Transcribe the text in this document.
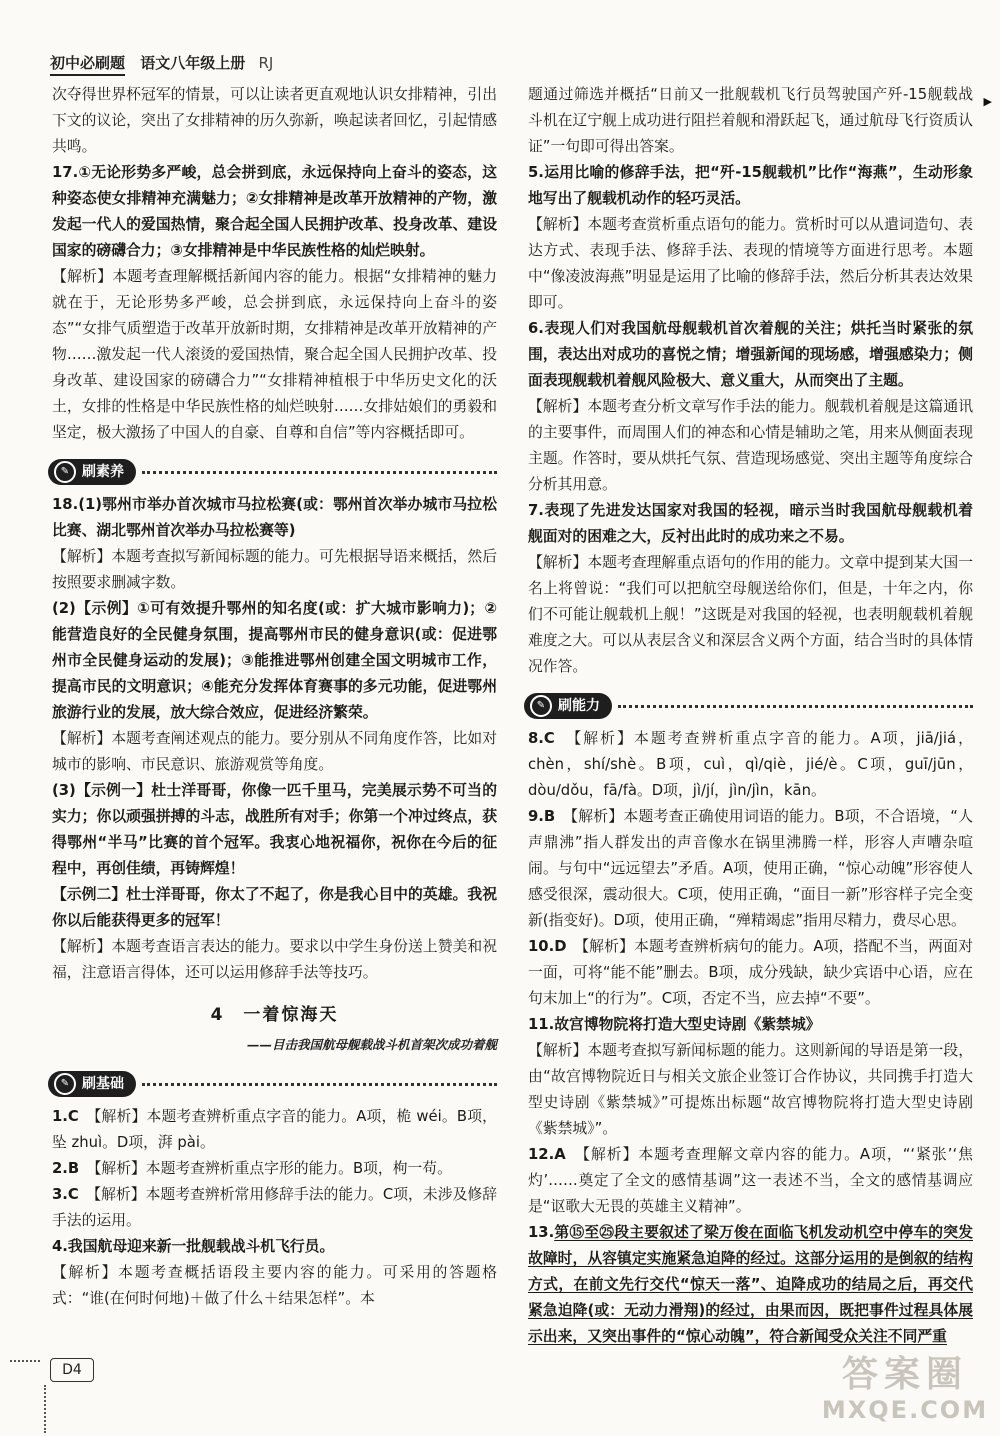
初中必刷题 语文八年级上册 RJ
▶

次夺得世界杯冠军的情景，可以让读者更直观地认识女排精神，引出下文的议论，突出了女排精神的历久弥新，唤起读者回忆，引起情感共鸣。

17.①无论形势多严峻，总会拼到底，永远保持向上奋斗的姿态，这种姿态使女排精神充满魅力；②女排精神是改革开放精神的产物，激发起一代人的爱国热情，聚合起全国人民拥护改革、投身改革、建设国家的磅礴合力；③女排精神是中华民族性格的灿烂映射。

【解析】本题考查理解概括新闻内容的能力。根据“女排精神的魅力就在于，无论形势多严峻，总会拼到底，永远保持向上奋斗的姿态”“女排气质塑造于改革开放新时期，女排精神是改革开放精神的产物……激发起一代人滚烫的爱国热情，聚合起全国人民拥护改革、投身改革、建设国家的磅礴合力”“女排精神植根于中华历史文化的沃土，女排的性格是中华民族性格的灿烂映射……女排姑娘们的勇毅和坚定，极大激扬了中国人的自豪、自尊和自信”等内容概括即可。

✎ 刷素养

18.(1)鄂州市举办首次城市马拉松赛(或：鄂州首次举办城市马拉松比赛、湖北鄂州首次举办马拉松赛等)

【解析】本题考查拟写新闻标题的能力。可先根据导语来概括，然后按照要求删减字数。

(2)【示例】①可有效提升鄂州的知名度(或：扩大城市影响力)；②能营造良好的全民健身氛围，提高鄂州市民的健身意识(或：促进鄂州市全民健身运动的发展)；③能推进鄂州创建全国文明城市工作，提高市民的文明意识；④能充分发挥体育赛事的多元功能，促进鄂州旅游行业的发展，放大综合效应，促进经济繁荣。

【解析】本题考查阐述观点的能力。要分别从不同角度作答，比如对城市的影响、市民意识、旅游观赏等角度。

(3)【示例一】杜士洋哥哥，你像一匹千里马，完美展示势不可当的实力；你以顽强拼搏的斗志，战胜所有对手；你第一个冲过终点，获得鄂州“半马”比赛的首个冠军。我衷心地祝福你，祝你在今后的征程中，再创佳绩，再铸辉煌！

【示例二】杜士洋哥哥，你太了不起了，你是我心目中的英雄。我祝你以后能获得更多的冠军！

【解析】本题考查语言表达的能力。要求以中学生身份送上赞美和祝福，注意语言得体，还可以运用修辞手法等技巧。

4　一着惊海天
——目击我国航母舰载战斗机首架次成功着舰
✎ 刷基础

1.C　 【解析】本题考查辨析重点字音的能力。A项，桅 wéi。B项，坠 zhuì。D项，湃 pài。

2.B　 【解析】本题考查辨析重点字形的能力。B项，枸一苟。

3.C　 【解析】本题考查辨析常用修辞手法的能力。C项，未涉及修辞手法的运用。

4.我国航母迎来新一批舰载战斗机飞行员。

【解析】本题考查概括语段主要内容的能力。可采用的答题格式：“谁(在何时何地)＋做了什么＋结果怎样”。本

题通过筛选并概括“日前又一批舰载机飞行员驾驶国产歼-15舰载战斗机在辽宁舰上成功进行阻拦着舰和滑跃起飞，通过航母飞行资质认证”一句即可得出答案。

5.运用比喻的修辞手法，把“歼-15舰载机”比作“海燕”，生动形象地写出了舰载机动作的轻巧灵活。

【解析】本题考查赏析重点语句的能力。赏析时可以从遣词造句、表达方式、表现手法、修辞手法、表现的情境等方面进行思考。本题中“像凌波海燕”明显是运用了比喻的修辞手法，然后分析其表达效果即可。

6.表现人们对我国航母舰载机首次着舰的关注；烘托当时紧张的氛围，表达出对成功的喜悦之情；增强新闻的现场感，增强感染力；侧面表现舰载机着舰风险极大、意义重大，从而突出了主题。

【解析】本题考查分析文章写作手法的能力。舰载机着舰是这篇通讯的主要事件，而周围人们的神态和心情是辅助之笔，用来从侧面表现主题。作答时，要从烘托气氛、营造现场感觉、突出主题等角度综合分析其用意。

7.表现了先进发达国家对我国的轻视，暗示当时我国航母舰载机着舰面对的困难之大，反衬出此时的成功来之不易。

【解析】本题考查理解重点语句的作用的能力。文章中提到某大国一名上将曾说：“我们可以把航空母舰送给你们，但是，十年之内，你们不可能让舰载机上舰！”这既是对我国的轻视，也表明舰载机着舰难度之大。可以从表层含义和深层含义两个方面，结合当时的具体情况作答。

✎ 刷能力

8.C　 【解析】本题考查辨析重点字音的能力。A项，jiā/jiá，chèn，shí/shè。B项，cuì，qì/qiè，jié/è。C项，guī/jūn，dòu/dǒu，fā/fà。D项，jì/jí，jìn/jìn，kān。

9.B　 【解析】本题考查正确使用词语的能力。B项，不合语境，“人声鼎沸”指人群发出的声音像水在锅里沸腾一样，形容人声嘈杂喧闹。与句中“远远望去”矛盾。A项，使用正确，“惊心动魄”形容使人感受很深，震动很大。C项，使用正确，“面目一新”形容样子完全变新(指变好)。D项，使用正确，“殚精竭虑”指用尽精力，费尽心思。

10.D　 【解析】本题考查辨析病句的能力。A项，搭配不当，两面对一面，可将“能不能”删去。B项，成分残缺，缺少宾语中心语，应在句末加上“的行为”。C项，否定不当，应去掉“不要”。

11.故宫博物院将打造大型史诗剧《紫禁城》

【解析】本题考查拟写新闻标题的能力。这则新闻的导语是第一段，由“故宫博物院近日与相关文旅企业签订合作协议，共同携手打造大型史诗剧《紫禁城》”可提炼出标题“故宫博物院将打造大型史诗剧《紫禁城》”。

12.A　 【解析】本题考查理解文章内容的能力。A项，“‘紧张’‘焦灼’……奠定了全文的感情基调”这一表述不当，全文的感情基调应是“讴歌大无畏的英雄主义精神”。

13.第⑮至㉕段主要叙述了梁万俊在面临飞机发动机空中停车的突发故障时，从容镇定实施紧急迫降的经过。这部分运用的是倒叙的结构方式，在前文先行交代“惊天一落”、迫降成功的结局之后，再交代紧急迫降(或：无动力滑翔)的经过，由果而因，既把事件过程具体展示出来，又突出事件的“惊心动魄”，符合新闻受众关注不同严重

D4	答案圈
MXQE.COM
